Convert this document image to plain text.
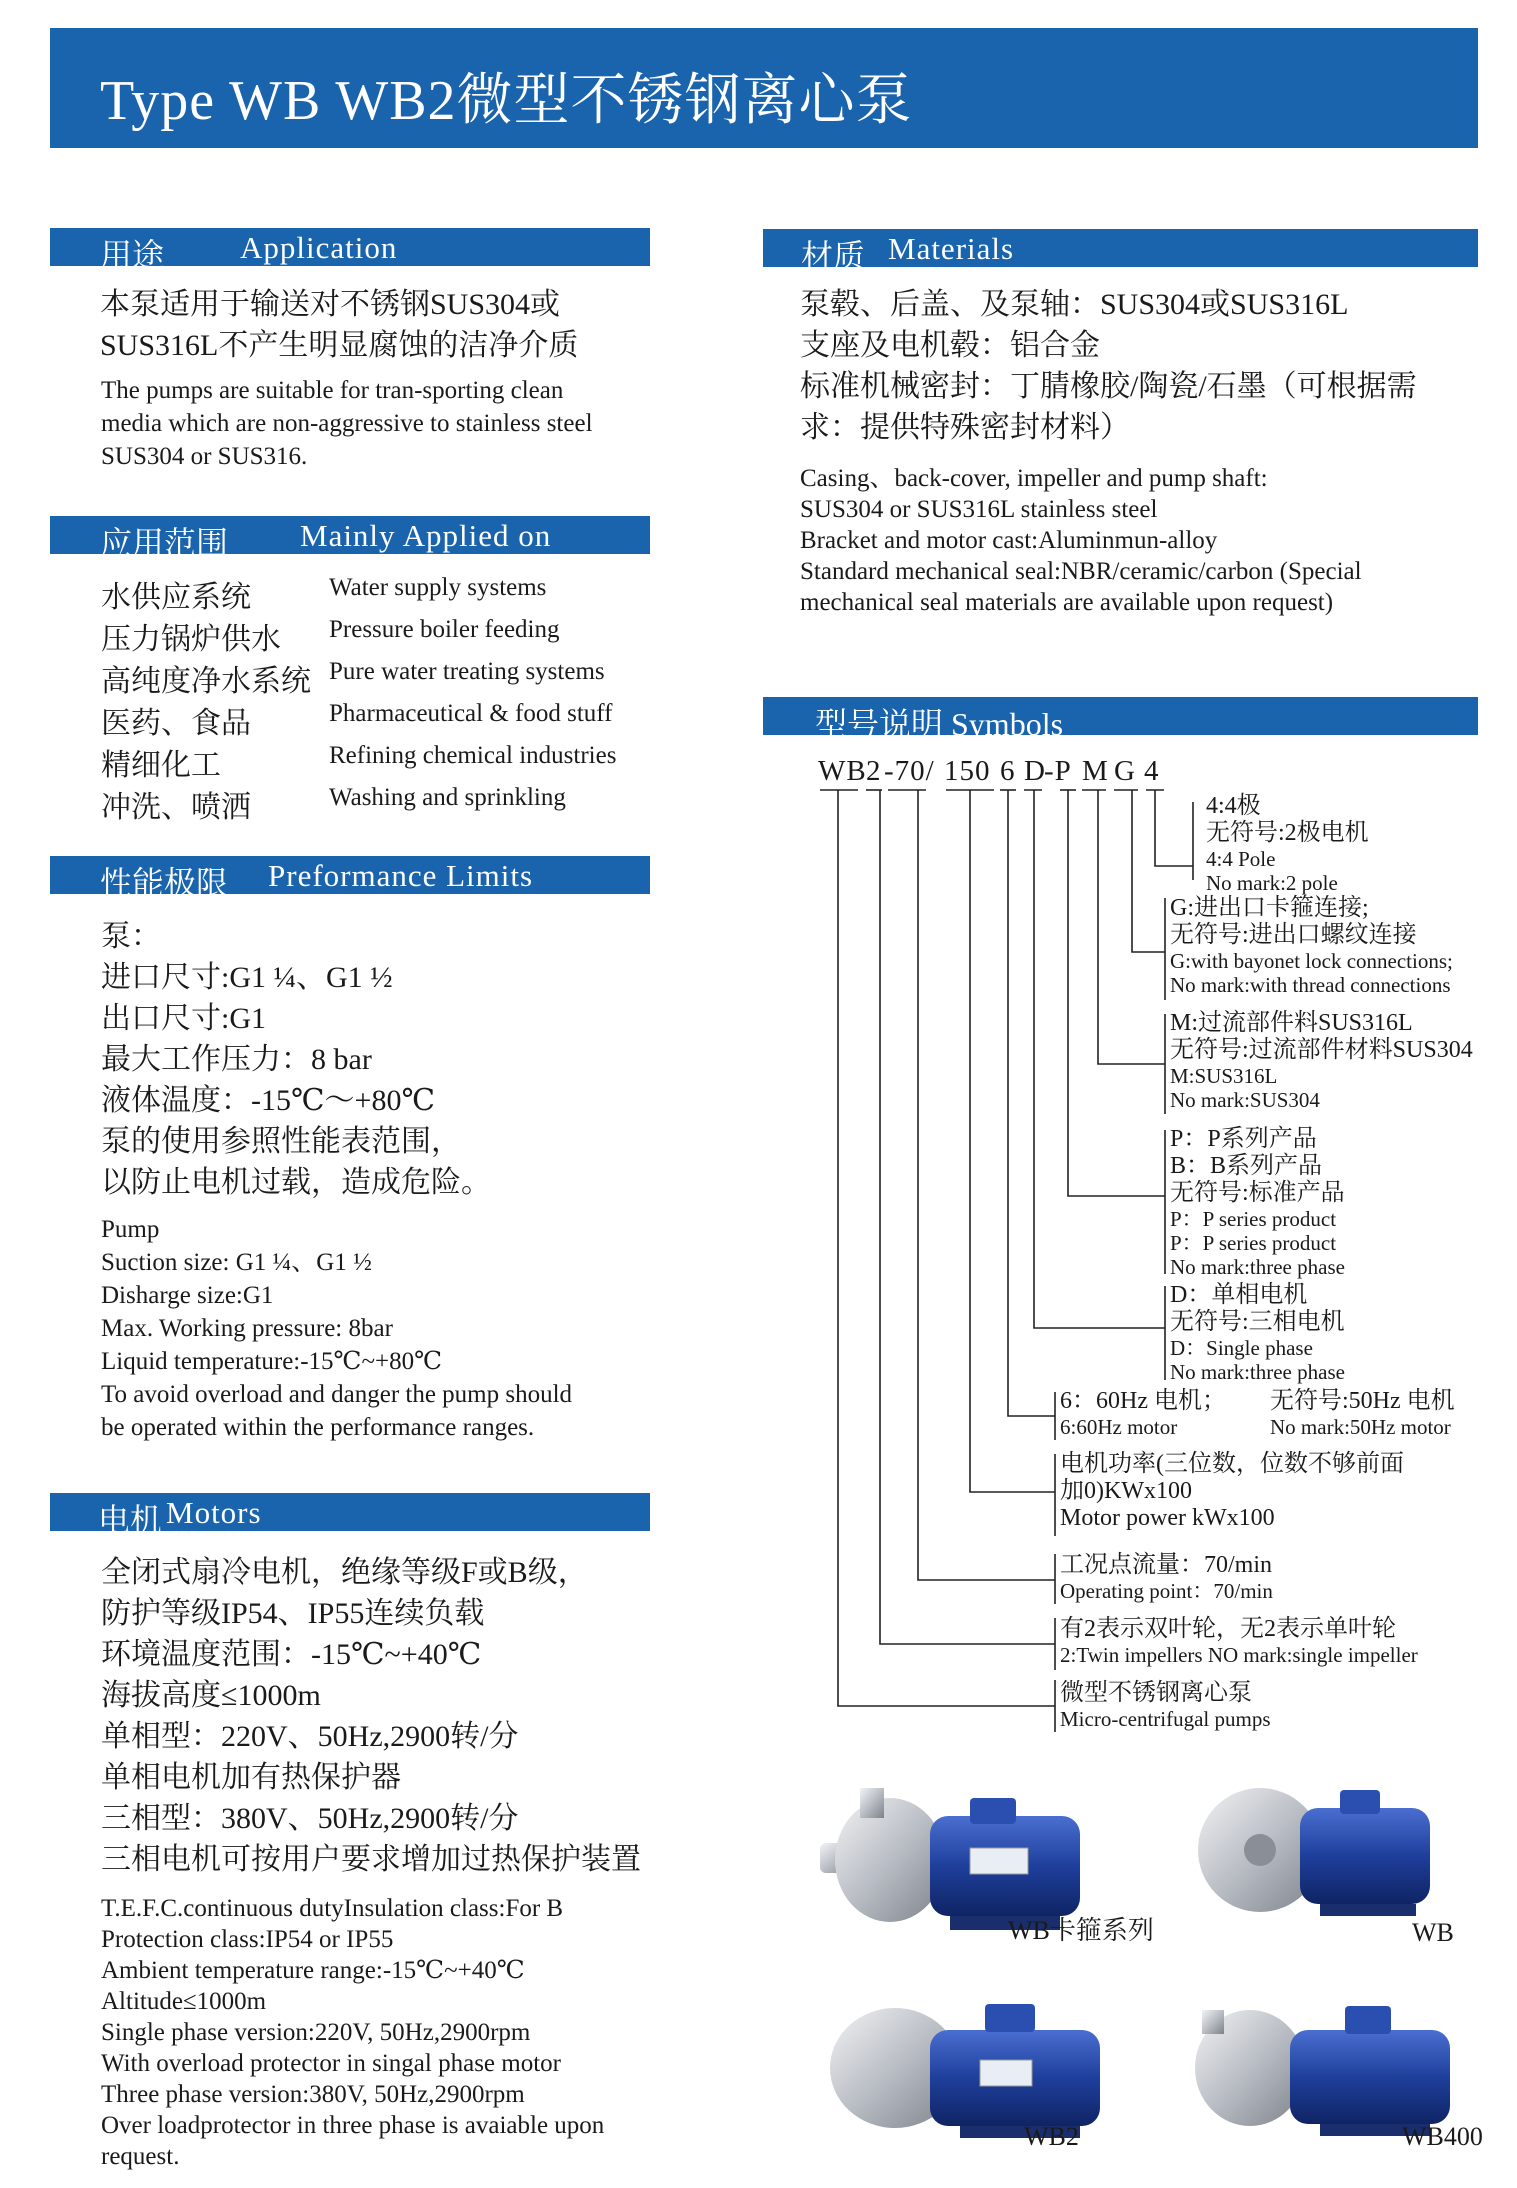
Type WB WB2微型不锈钢离心泵
用途 Application
本泵适用于输送对不锈钢SUS304或
SUS316L不产生明显腐蚀的洁净介质
The pumps are suitable for tran-sporting clean
media which are non-aggressive to stainless steel
SUS304 or SUS316.
应用范围 Mainly Applied on
水供应系统	Water supply systems
压力锅炉供水 Pressure boiler feeding
高纯度净水系统 Pure water treating systems
医药、食品	Pharmaceutical & food stuff
精细化工	Refining chemical industries
冲洗、喷洒	Washing and sprinkling
性能极限 Preformance Limits
泵：
进口尺寸:G1 ¼、G1 ½
出口尺寸:G1
最大工作压力：8 bar
液体温度：-15℃～+80℃
泵的使用参照性能表范围，
以防止电机过载，造成危险。
Pump
Suction size: G1 ¼、G1 ½
Disharge size:G1
Max. Working pressure: 8bar
Liquid temperature:-15℃~+80℃
To avoid overload and danger the pump should
be operated within the performance ranges.
电机 Motors
全闭式扇冷电机，绝缘等级F或B级，
防护等级IP54、IP55连续负载
环境温度范围：-15℃~+40℃
海拔高度≤1000m
单相型：220V、50Hz,2900转/分
单相电机加有热保护器
三相型：380V、50Hz,2900转/分
三相电机可按用户要求增加过热保护装置
T.E.F.C.continuous dutyInsulation class:For B
Protection class:IP54 or IP55
Ambient temperature range:-15℃~+40℃
Altitude≤1000m
Single phase version:220V, 50Hz,2900rpm
With overload protector in singal phase motor
Three phase version:380V, 50Hz,2900rpm
Over loadprotector in three phase is avaiable upon
request.
材质 Materials
泵毂、后盖、及泵轴：SUS304或SUS316L
支座及电机毂：铝合金
标准机械密封：丁腈橡胶/陶瓷/石墨（可根据需
求：提供特殊密封材料）
Casing、back-cover, impeller and pump shaft:
SUS304 or SUS316L stainless steel
Bracket and motor cast:Aluminmun-alloy
Standard mechanical seal:NBR/ceramic/carbon (Special
mechanical seal materials are available upon request)
型号说明 Symbols
WB 2 -70/ 150 6 D
-P M G 4
4:4极
无符号:2极电机
4:4 Pole
No mark:2 pole
G:进出口卡箍连接;
无符号:进出口螺纹连接
G:with bayonet lock connections;
No mark:with thread connections
M:过流部件料SUS316L
无符号:过流部件材料SUS304
M:SUS316L
No mark:SUS304
P：P系列产品
B：B系列产品
无符号:标准产品
P：P series product
P：P series product
No mark:three phase
D：单相电机
无符号:三相电机
D：Single phase
No mark:three phase
6：60Hz 电机；
6:60Hz motor
无符号:50Hz 电机
No mark:50Hz motor
电机功率(三位数，位数不够前面
加0)KWx100
Motor power kWx100
工况点流量：70/min
Operating point：70/min
有2表示双叶轮，无2表示单叶轮
2:Twin impellers NO mark:single impeller
微型不锈钢离心泵
Micro-centrifugal pumps
WB卡箍系列	WB
WB2	WB400
